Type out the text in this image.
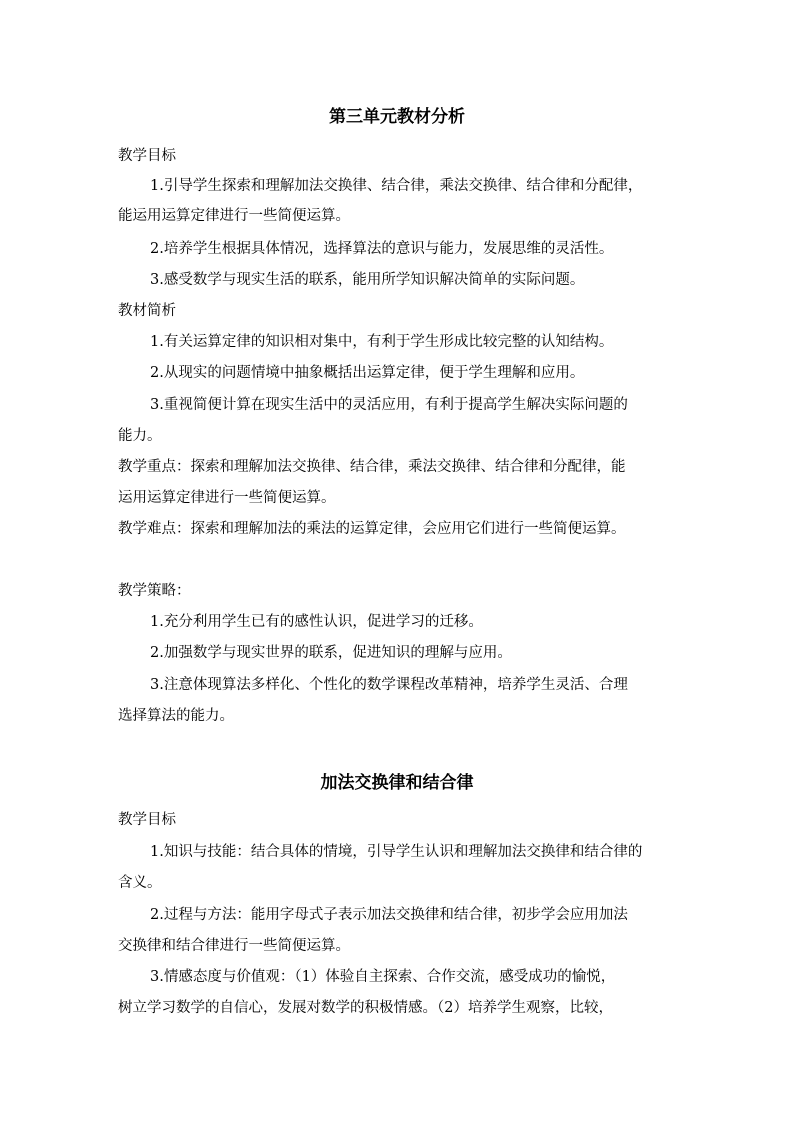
第三单元教材分析
教学目标
1.引导学生探索和理解加法交换律、结合律，乘法交换律、结合律和分配律，
能运用运算定律进行一些简便运算。
2.培养学生根据具体情况，选择算法的意识与能力，发展思维的灵活性。
3.感受数学与现实生活的联系，能用所学知识解决简单的实际问题。
教材简析
1.有关运算定律的知识相对集中，有利于学生形成比较完整的认知结构。
2.从现实的问题情境中抽象概括出运算定律，便于学生理解和应用。
3.重视简便计算在现实生活中的灵活应用，有利于提高学生解决实际问题的
能力。
教学重点：探索和理解加法交换律、结合律，乘法交换律、结合律和分配律，能
运用运算定律进行一些简便运算。
教学难点：探索和理解加法的乘法的运算定律，会应用它们进行一些简便运算。
教学策略：
1.充分利用学生已有的感性认识，促进学习的迁移。
2.加强数学与现实世界的联系，促进知识的理解与应用。
3.注意体现算法多样化、个性化的数学课程改革精神，培养学生灵活、合理
选择算法的能力。
加法交换律和结合律
教学目标
1.知识与技能：结合具体的情境，引导学生认识和理解加法交换律和结合律的
含义。
2.过程与方法：能用字母式子表示加法交换律和结合律，初步学会应用加法
交换律和结合律进行一些简便运算。
3.情感态度与价值观：（1）体验自主探索、合作交流，感受成功的愉悦，
树立学习数学的自信心，发展对数学的积极情感。（2）培养学生观察，比较，
